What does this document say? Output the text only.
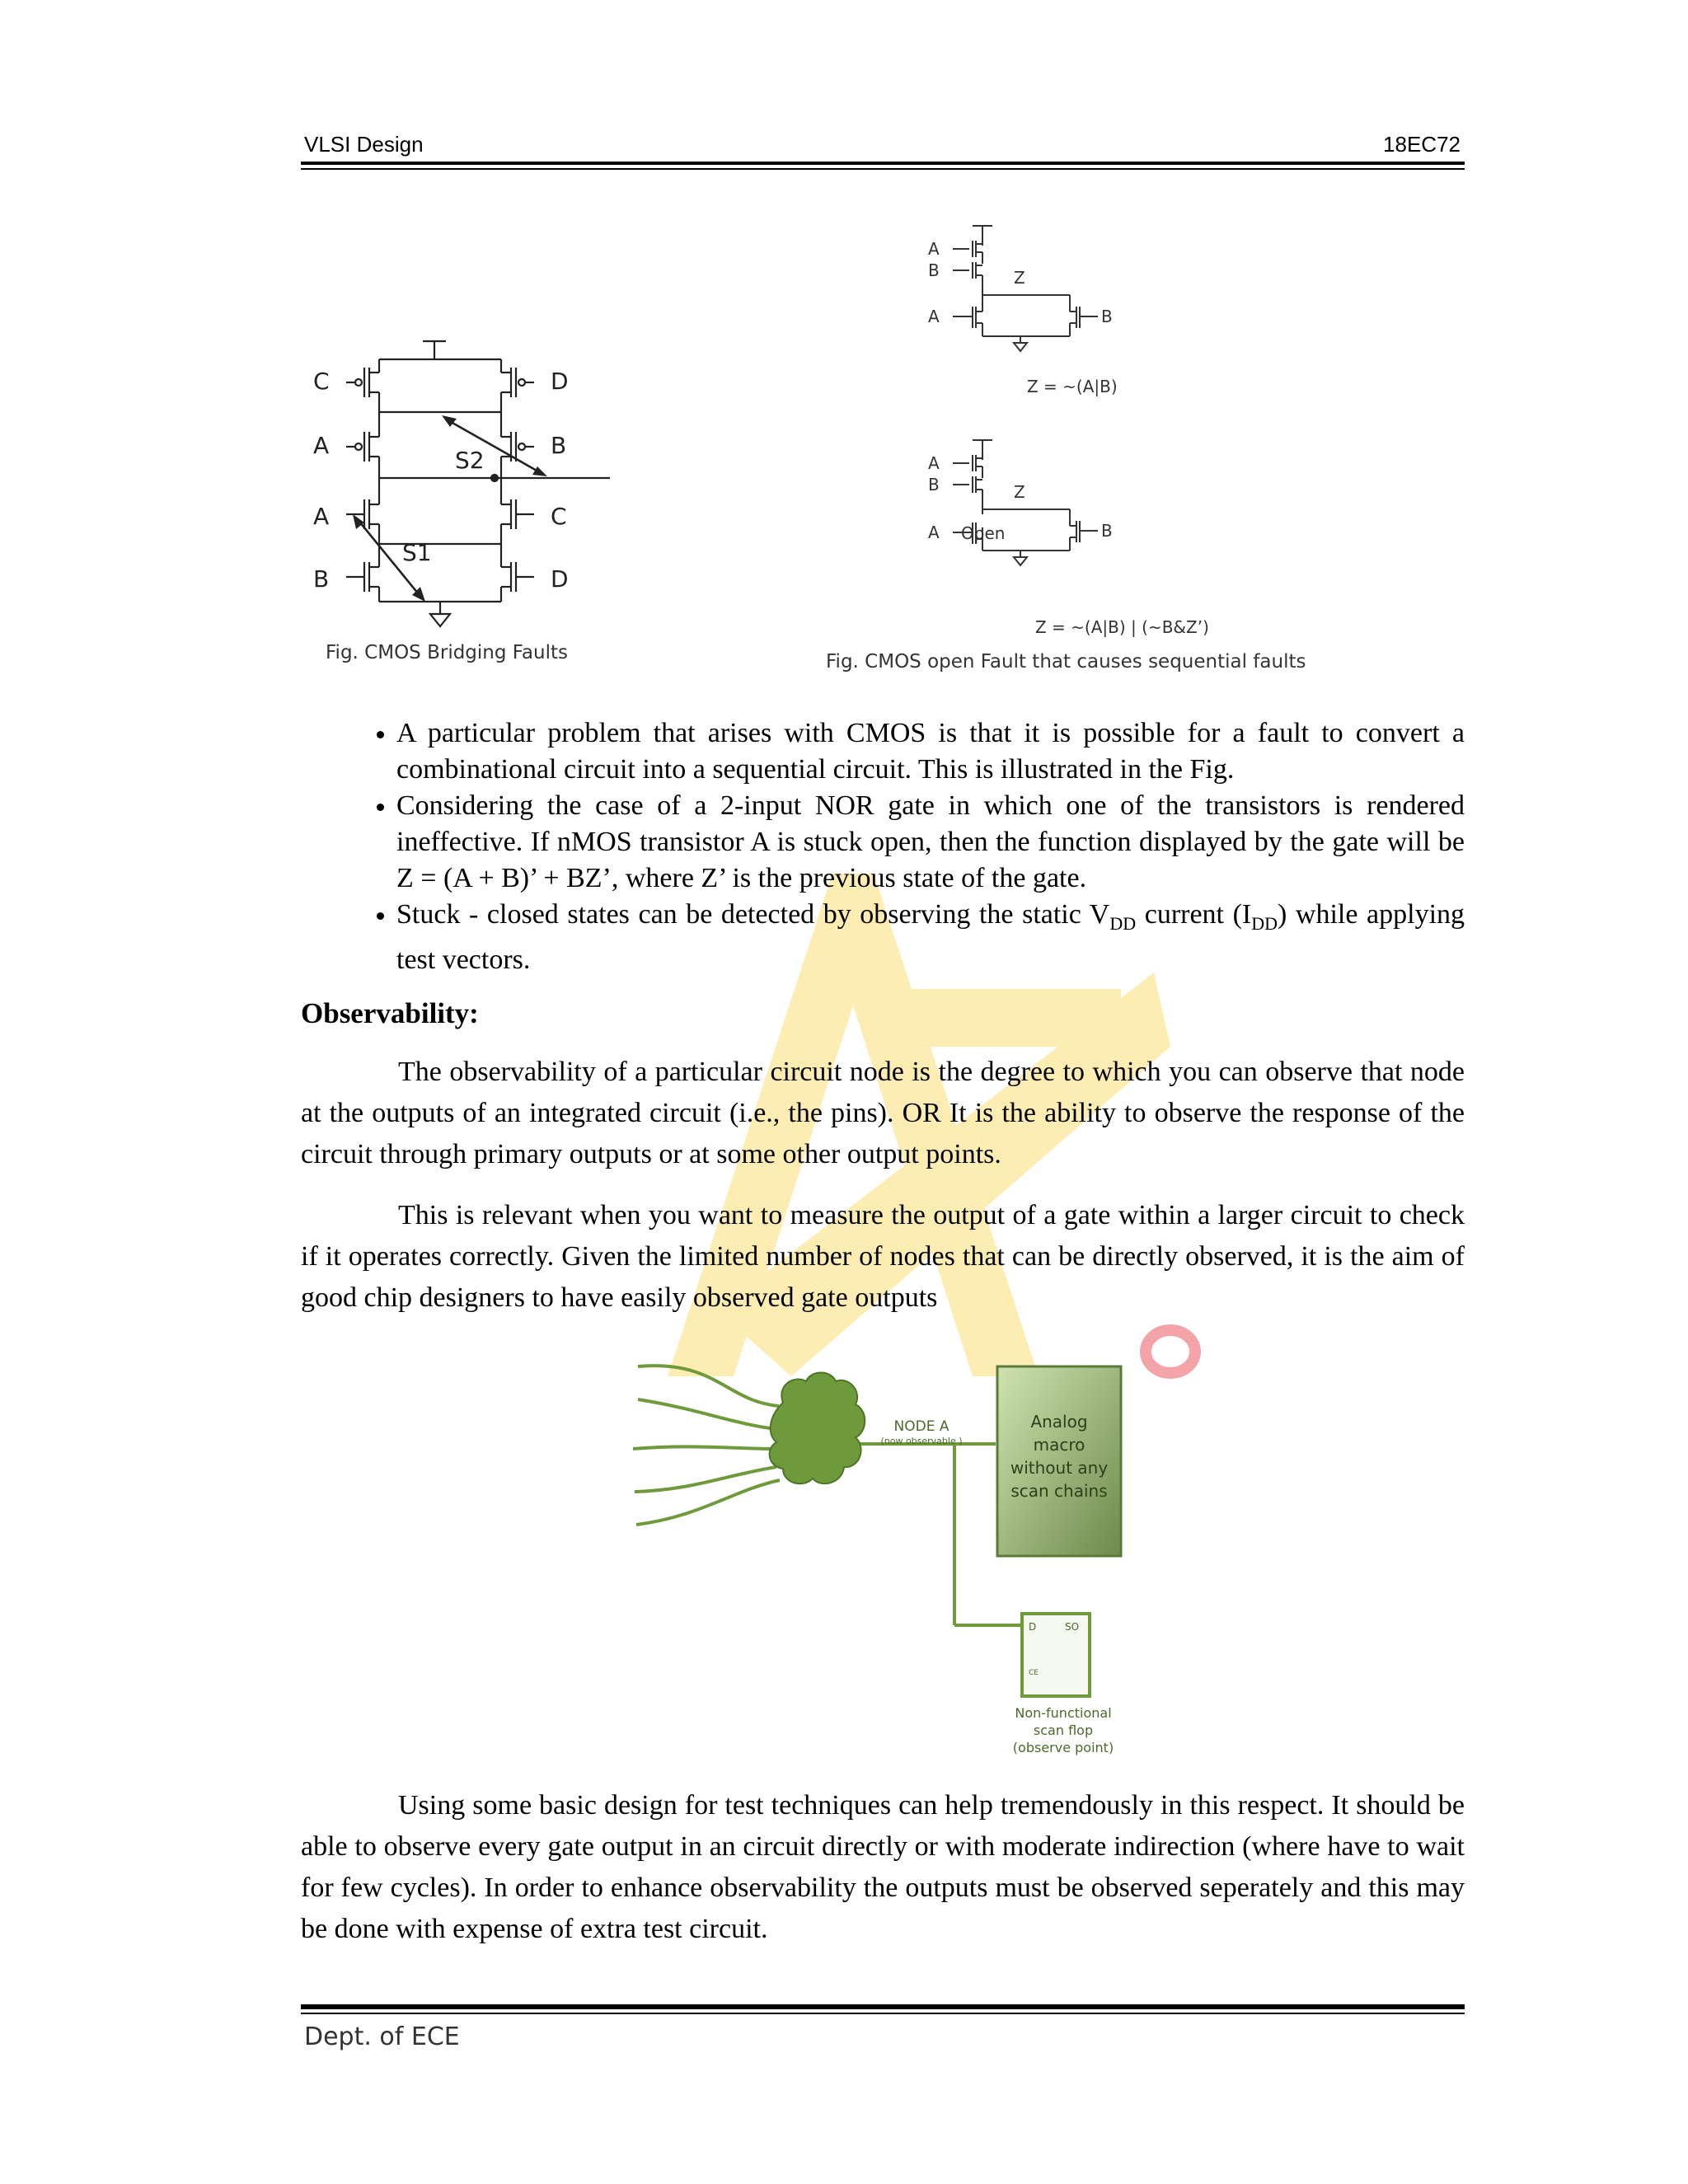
VLSI Design	18EC72
C	D
A	B
S2
A	C
S1
B	D
Fig. CMOS Bridging Faults
A
B	Z
A	B
Z = ~(A|B)
A
B	Z
Open
A	B
Z = ~(A|B) | (~B&Z’)
Fig. CMOS open Fault that causes sequential faults
• A particular problem that arises with CMOS is that it is possible for a fault to convert a combinational circuit into a sequential circuit. This is illustrated in the Fig.
• Considering the case of a 2-input NOR gate in which one of the transistors is rendered ineffective. If nMOS transistor A is stuck open, then the function displayed by the gate will be Z = (A + B)’ + BZ’, where Z’ is the previous state of the gate.
• Stuck - closed states can be detected by observing the static $V_{DD}$ current $(I_{DD})$ while applying test vectors.
Observability:

The observability of a particular circuit node is the degree to which you can observe that node at the outputs of an integrated circuit (i.e., the pins). OR It is the ability to observe the response of the circuit through primary outputs or at some other output points.

This is relevant when you want to measure the output of a gate within a larger circuit to check if it operates correctly. Given the limited number of nodes that can be directly observed, it is the aim of good chip designers to have easily observed gate outputs

NODE A
(now observable )
Analog
macro
without any
scan chains
D	SO
CE
Non-functional
scan flop
(observe point)

Using some basic design for test techniques can help tremendously in this respect. It should be able to observe every gate output in an circuit directly or with moderate indirection (where have to wait for few cycles). In order to enhance observability the outputs must be observed seperately and this may be done with expense of extra test circuit.

Dept. of ECE
